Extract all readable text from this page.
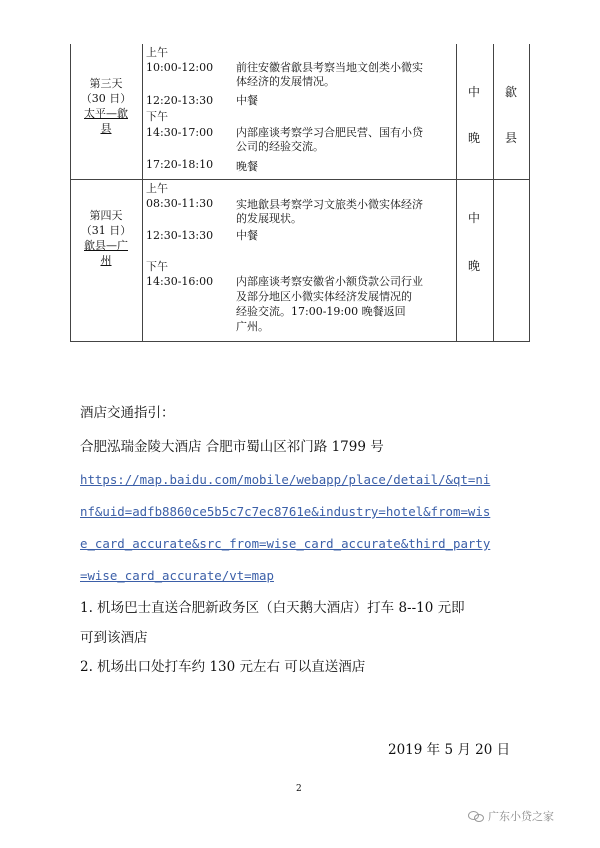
第三天
（30 日）
太平—歙
县
上午
10:00-12:00 前往安徽省歙县考察当地文创类小微实
体经济的发展情况。
12:20-13:30 中餐
下午
14:30-17:00 内部座谈考察学习合肥民营、国有小贷
公司的经验交流。
17:20-18:10 晚餐
中
晚
歙
县
第四天
（31 日）
歙县—广
州
上午
08:30-11:30 实地歙县考察学习文旅类小微实体经济
的发展现状。
12:30-13:30 中餐
下午
14:30-16:00 内部座谈考察安徽省小额贷款公司行业
及部分地区小微实体经济发展情况的
经验交流。17:00-19:00 晚餐返回
广州。
中
晚
酒店交通指引：
合肥泓瑞金陵大酒店 合肥市蜀山区祁门路 1799 号
https://map.baidu.com/mobile/webapp/place/detail/&qt=ni
nf&uid=adfb8860ce5b5c7c7ec8761e&industry=hotel&from=wis
e_card_accurate&src_from=wise_card_accurate&third_party
=wise_card_accurate/vt=map
1. 机场巴士直送合肥新政务区（白天鹅大酒店）打车 8--10 元即
可到该酒店
2. 机场出口处打车约 130 元左右 可以直送酒店
2019 年 5 月 20 日
2
广东小贷之家
